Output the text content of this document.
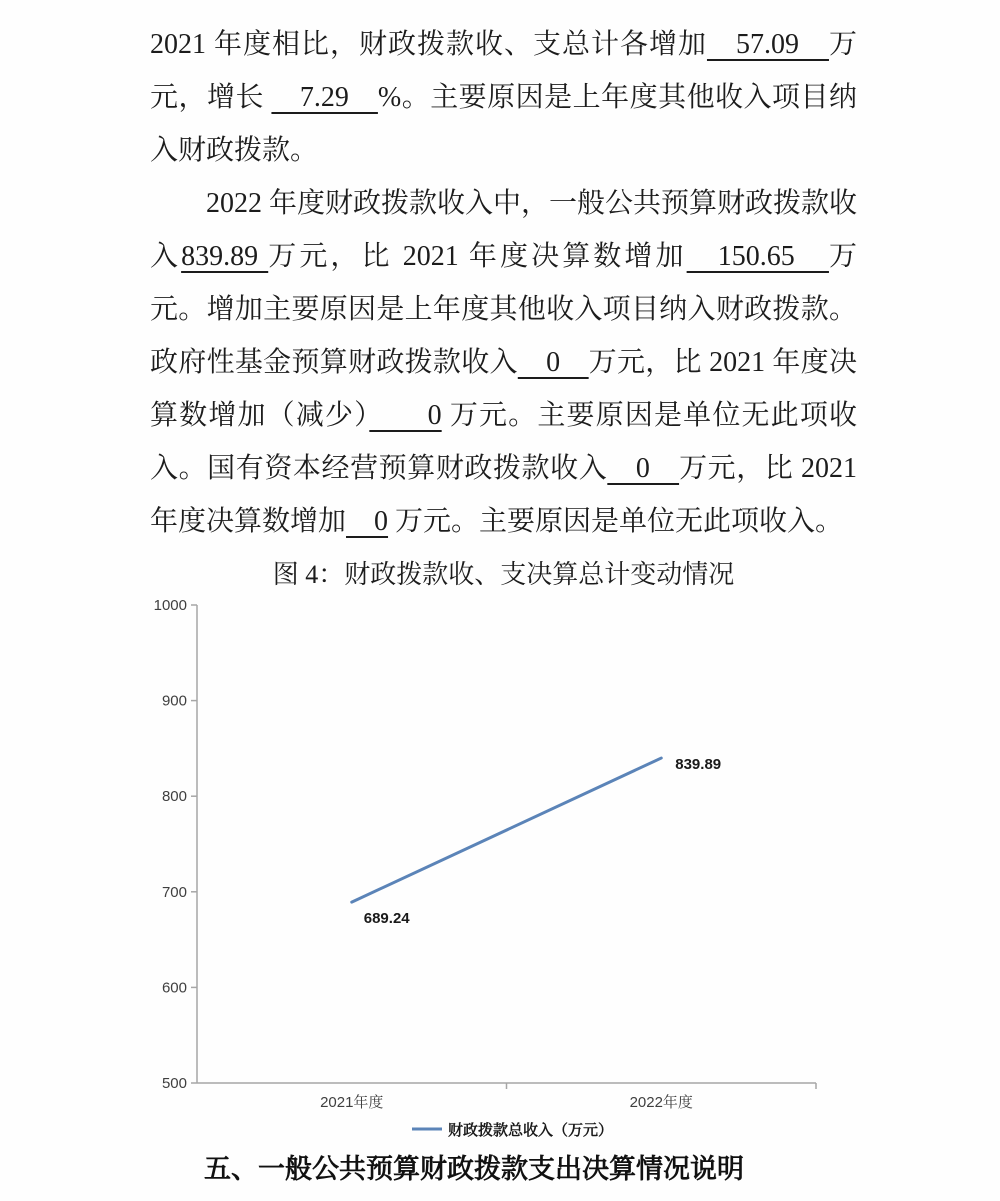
2021 年度相比，财政拨款收、支总计各增加　57.09　万元，增长 　7.29　%。主要原因是上年度其他收入项目纳入财政拨款。
2022 年度财政拨款收入中，一般公共预算财政拨款收入839.89 万元，比 2021 年度决算数增加　150.65　万元。增加主要原因是上年度其他收入项目纳入财政拨款。政府性基金预算财政拨款收入　0　万元，比 2021 年度决算数增加（减少）　　0 万元。主要原因是单位无此项收入。国有资本经营预算财政拨款收入　0　万元，比 2021 年度决算数增加　0 万元。主要原因是单位无此项收入。
图 4：财政拨款收、支决算总计变动情况
1000
900
800
700
600
500
2021年度	2022年度
689.24
839.89
财政拨款总收入（万元）
五、一般公共预算财政拨款支出决算情况说明
